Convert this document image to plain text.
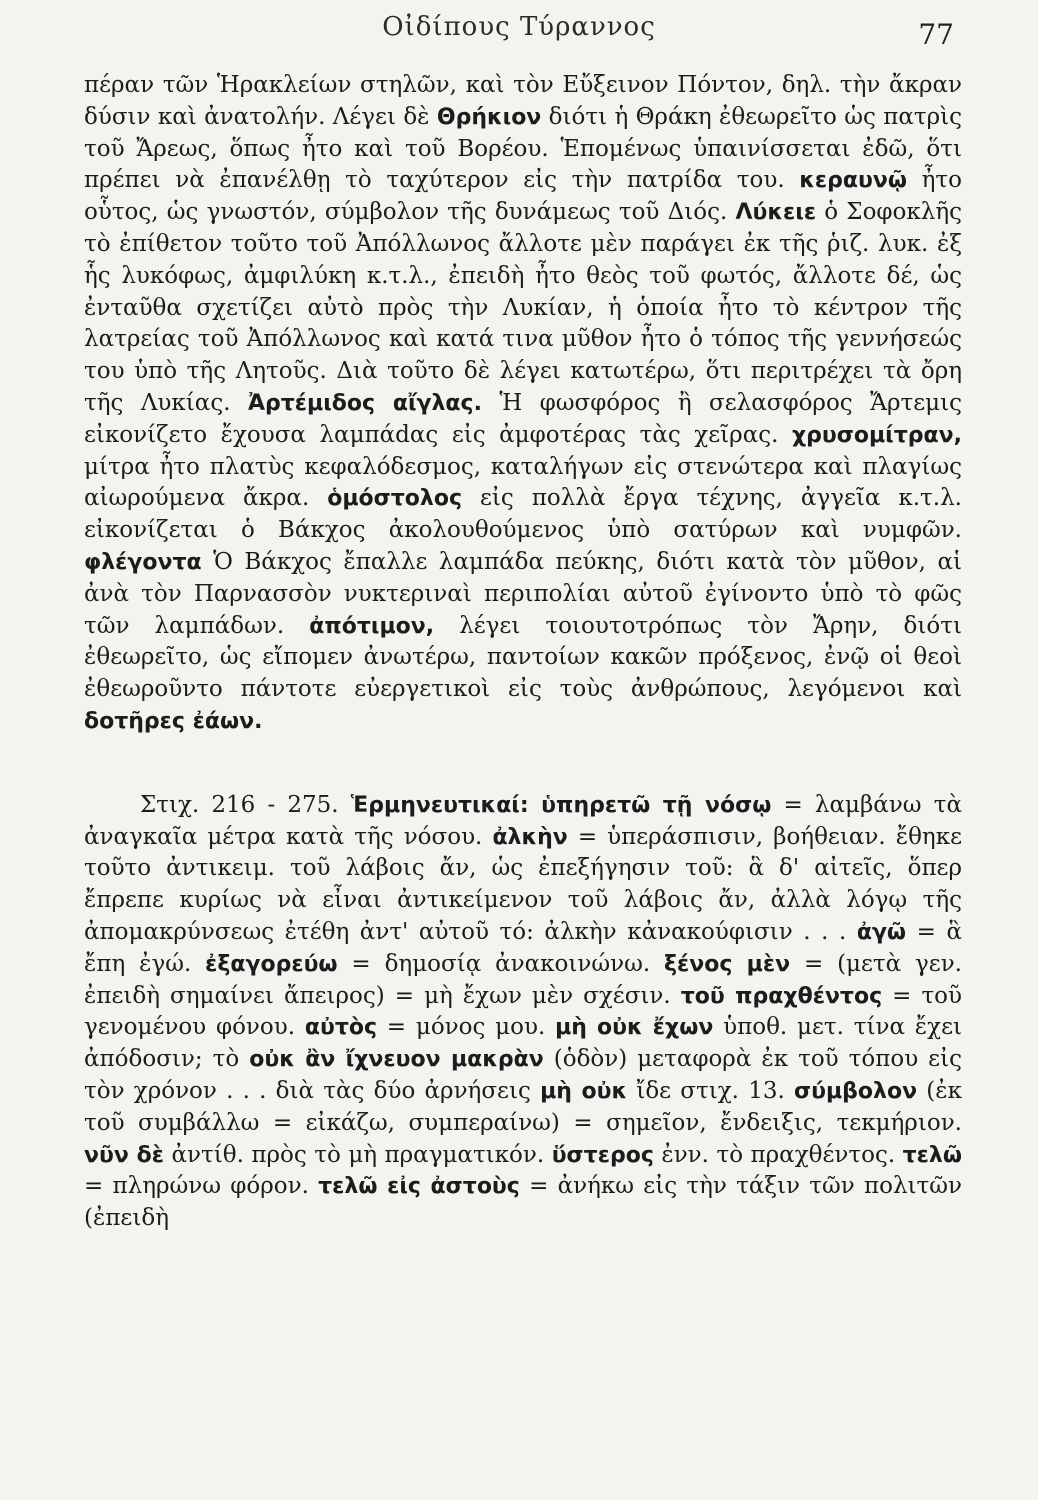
Οἰδίπους Τύραννος	77

πέραν τῶν Ἡρακλείων στηλῶν, καὶ τὸν Εὔξεινον Πόντον, δηλ. τὴν ἄκραν δύσιν καὶ ἀνατολήν. Λέγει δὲ Θρήκιον διότι ἡ Θράκη ἐθεωρεῖτο ὡς πατρὶς τοῦ Ἄρεως, ὅπως ἦτο καὶ τοῦ Βορέου. Ἑπομένως ὑπαινίσσεται ἐδῶ, ὅτι πρέπει νὰ ἐπανέλθῃ τὸ ταχύτερον εἰς τὴν πατρίδα του. κεραυνῷ ἦτο οὗτος, ὡς γνωστόν, σύμβολον τῆς δυνάμεως τοῦ Διός. Λύκειε ὁ Σοφοκλῆς τὸ ἐπίθετον τοῦτο τοῦ Ἀπόλλωνος ἄλλοτε μὲν παράγει ἐκ τῆς ῥιζ. λυκ. ἐξ ἧς λυκόφως, ἀμφιλύκη κ.τ.λ., ἐπειδὴ ἦτο θεὸς τοῦ φωτός, ἄλλοτε δέ, ὡς ἐνταῦθα σχετίζει αὐτὸ πρὸς τὴν Λυκίαν, ἡ ὁποία ἦτο τὸ κέντρον τῆς λατρείας τοῦ Ἀπόλλωνος καὶ κατά τινα μῦθον ἦτο ὁ τόπος τῆς γεννήσεώς του ὑπὸ τῆς Λητοῦς. Διὰ τοῦτο δὲ λέγει κατωτέρω, ὅτι περιτρέχει τὰ ὄρη τῆς Λυκίας. Ἀρτέμιδος αἴγλας. Ἡ φωσφόρος ἢ σελασφόρος Ἄρτεμις εἰκονίζετο ἔχουσα λαμπάdας εἰς ἀμφοτέρας τὰς χεῖρας. χρυσομίτραν, μίτρα ἦτο πλατὺς κεφαλόδεσμος, καταλήγων εἰς στενώτερα καὶ πλαγίως αἰωρούμενα ἄκρα. ὁμόστολος εἰς πολλὰ ἔργα τέχνης, ἀγγεῖα κ.τ.λ. εἰκονίζεται ὁ Βάκχος ἀκολουθούμενος ὑπὸ σατύρων καὶ νυμφῶν. φλέγοντα Ὁ Βάκχος ἔπαλλε λαμπάδα πεύκης, διότι κατὰ τὸν μῦθον, αἱ ἀνὰ τὸν Παρνασσὸν νυκτεριναὶ περιπολίαι αὐτοῦ ἐγίνοντο ὑπὸ τὸ φῶς τῶν λαμπάδων. ἀπότιμον, λέγει τοιουτοτρόπως τὸν Ἄρην, διότι ἐθεωρεῖτο, ὡς εἴπομεν ἀνωτέρω, παντοίων κακῶν πρόξενος, ἐνῷ οἱ θεοὶ ἐθεωροῦντο πάντοτε εὐεργετικοὶ εἰς τοὺς ἀνθρώπους, λεγόμενοι καὶ δοτῆρες ἐάων.

Στιχ. 216 - 275. Ἑρμηνευτικαί: ὑπηρετῶ τῇ νόσῳ = λαμβάνω τὰ ἀναγκαῖα μέτρα κατὰ τῆς νόσου. ἀλκὴν = ὑπεράσπισιν, βοήθειαν. ἔθηκε τοῦτο ἀντικειμ. τοῦ λάβοις ἄν, ὡς ἐπεξήγησιν τοῦ: ἃ δ' αἰτεῖς, ὅπερ ἔπρεπε κυρίως νὰ εἶναι ἀντικείμενον τοῦ λάβοις ἄν, ἀλλὰ λόγῳ τῆς ἀπομακρύνσεως ἐτέθη ἀντ' αὐτοῦ τό: ἀλκὴν κἀνακούφισιν . . . ἀγῶ = ἃ ἔπη ἐγώ. ἐξαγορεύω = δημοσίᾳ ἀνακοινώνω. ξένος μὲν = (μετὰ γεν. ἐπειδὴ σημαίνει ἄπειρος) = μὴ ἔχων μὲν σχέσιν. τοῦ πραχθέντος = τοῦ γενομένου φόνου. αὐτὸς = μόνος μου. μὴ οὐκ ἔχων ὑποθ. μετ. τίνα ἔχει ἀπόδοσιν; τὸ οὐκ ἂν ἴχνευον μακρὰν (ὁδὸν) μεταφορὰ ἐκ τοῦ τόπου εἰς τὸν χρόνον . . . διὰ τὰς δύο ἀρνήσεις μὴ οὐκ ἴδε στιχ. 13. σύμβολον (ἐκ τοῦ συμβάλλω = εἰκάζω, συμπεραίνω) = σημεῖον, ἔνδειξις, τεκμήριον. νῦν δὲ ἀντίθ. πρὸς τὸ μὴ πραγματικόν. ὕστερος ἐνν. τὸ πραχθέντος. τελῶ = πληρώνω φόρον. τελῶ εἰς ἀστοὺς = ἀνήκω εἰς τὴν τάξιν τῶν πολιτῶν (ἐπειδὴ
